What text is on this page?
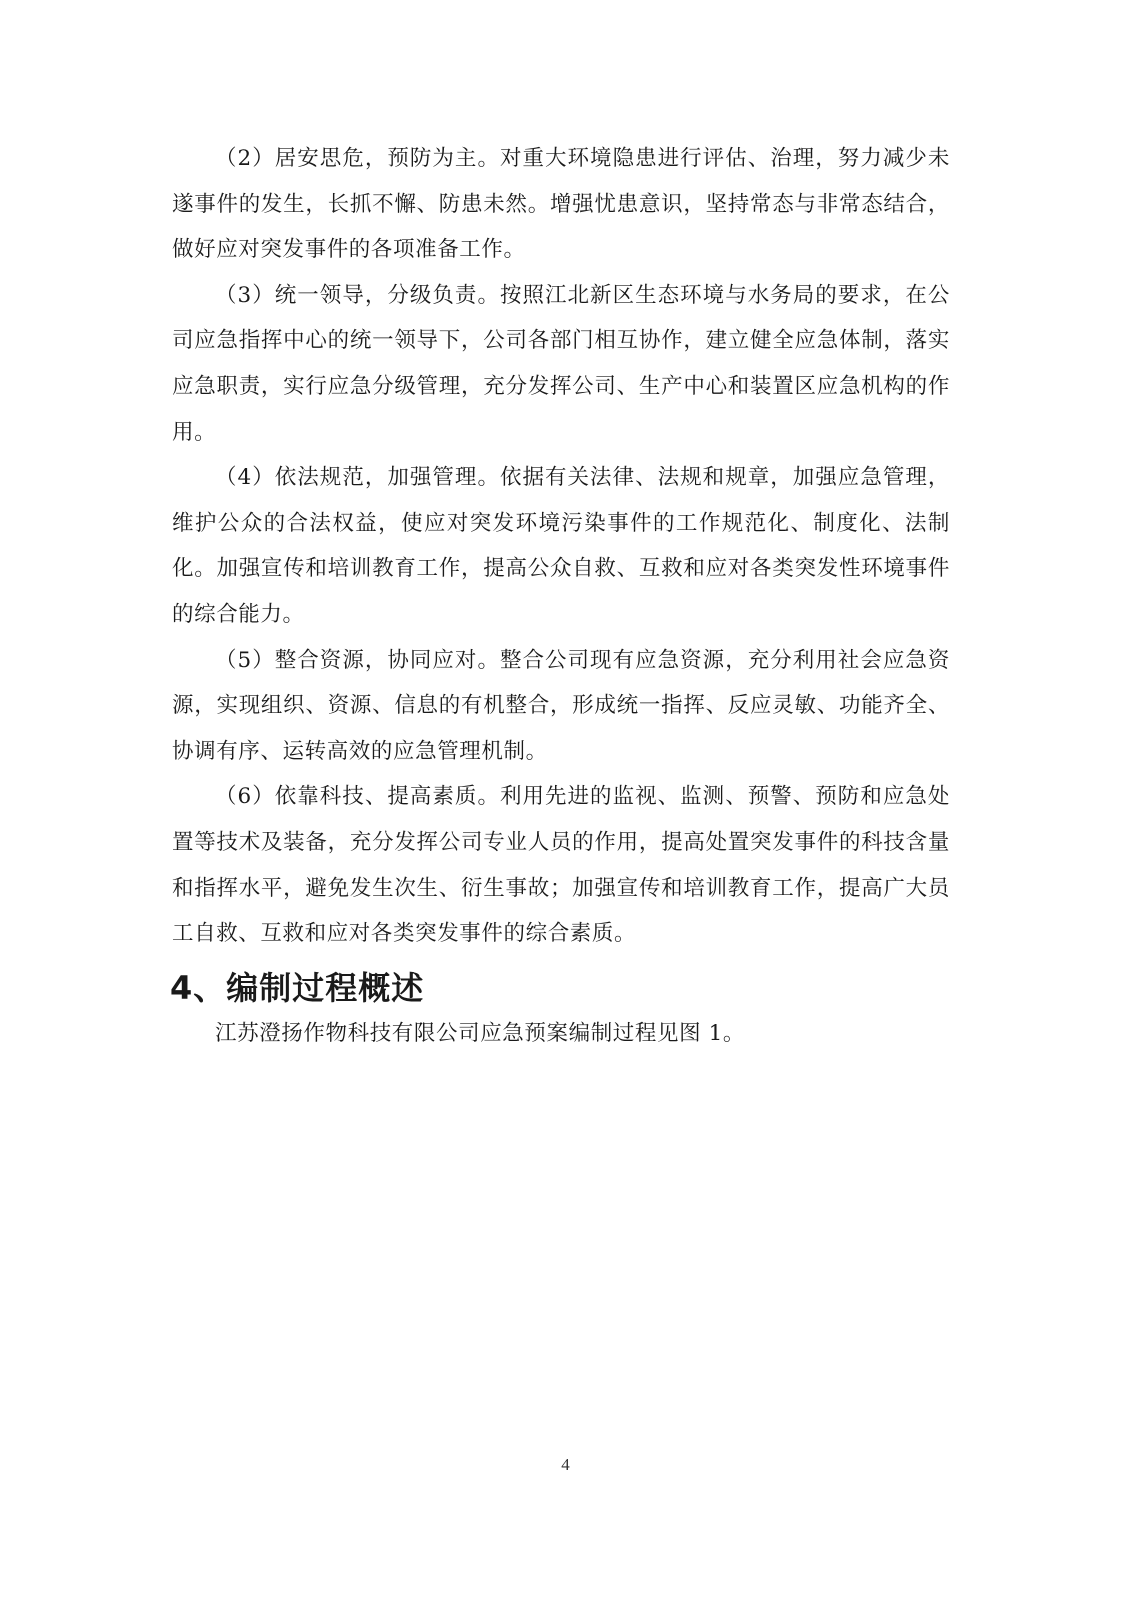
（2）居安思危，预防为主。对重大环境隐患进行评估、治理，努力减少未遂事件的发生，长抓不懈、防患未然。增强忧患意识，坚持常态与非常态结合，做好应对突发事件的各项准备工作。

（3）统一领导，分级负责。按照江北新区生态环境与水务局的要求，在公司应急指挥中心的统一领导下，公司各部门相互协作，建立健全应急体制，落实应急职责，实行应急分级管理，充分发挥公司、生产中心和装置区应急机构的作用。

（4）依法规范，加强管理。依据有关法律、法规和规章，加强应急管理，维护公众的合法权益，使应对突发环境污染事件的工作规范化、制度化、法制化。加强宣传和培训教育工作，提高公众自救、互救和应对各类突发性环境事件的综合能力。

（5）整合资源，协同应对。整合公司现有应急资源，充分利用社会应急资源，实现组织、资源、信息的有机整合，形成统一指挥、反应灵敏、功能齐全、协调有序、运转高效的应急管理机制。

（6）依靠科技、提高素质。利用先进的监视、监测、预警、预防和应急处置等技术及装备，充分发挥公司专业人员的作用，提高处置突发事件的科技含量和指挥水平，避免发生次生、衍生事故；加强宣传和培训教育工作，提高广大员工自救、互救和应对各类突发事件的综合素质。

4、编制过程概述

江苏澄扬作物科技有限公司应急预案编制过程见图 1。

4
